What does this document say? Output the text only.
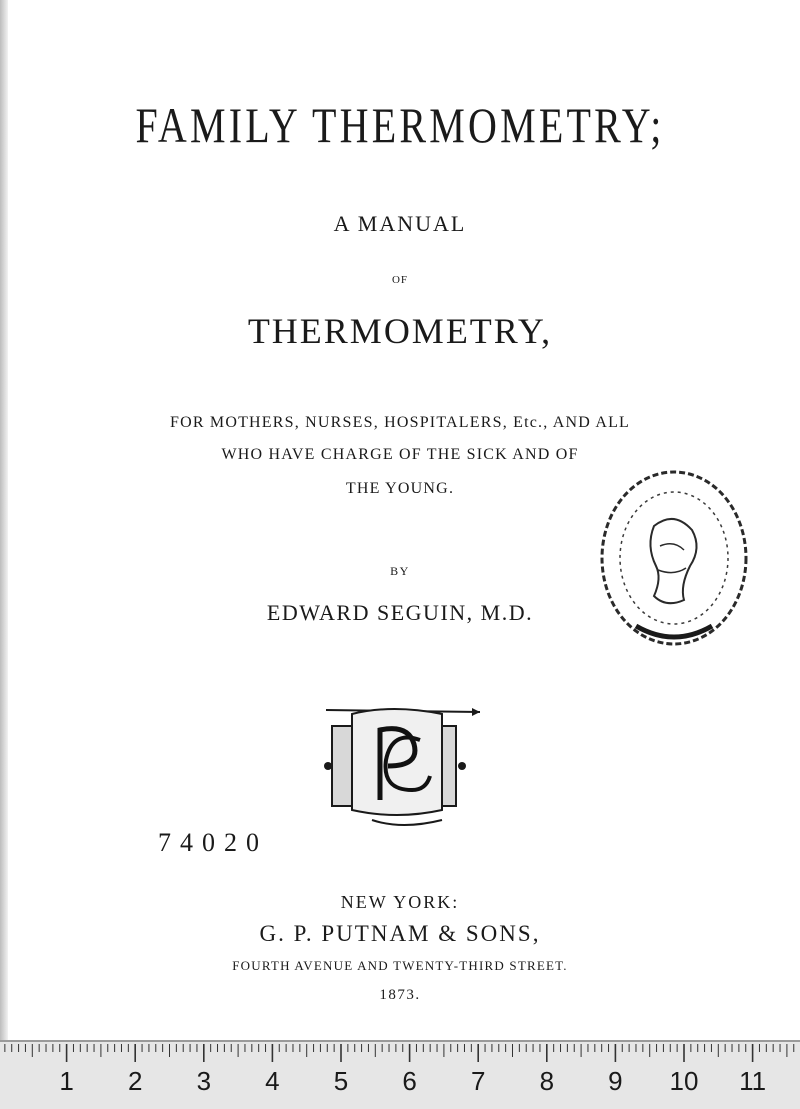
FAMILY THERMOMETRY;
A MANUAL
OF
THERMOMETRY,
FOR MOTHERS, NURSES, HOSPITALERS, Etc., AND ALL
WHO HAVE CHARGE OF THE SICK AND OF
THE YOUNG.
BY
EDWARD SEGUIN, M.D.
74020
NEW YORK:
G. P. PUTNAM & SONS,
FOURTH AVENUE AND TWENTY-THIRD STREET.
1873.
1 2 3 4 5 6 7 8 9 10 11
